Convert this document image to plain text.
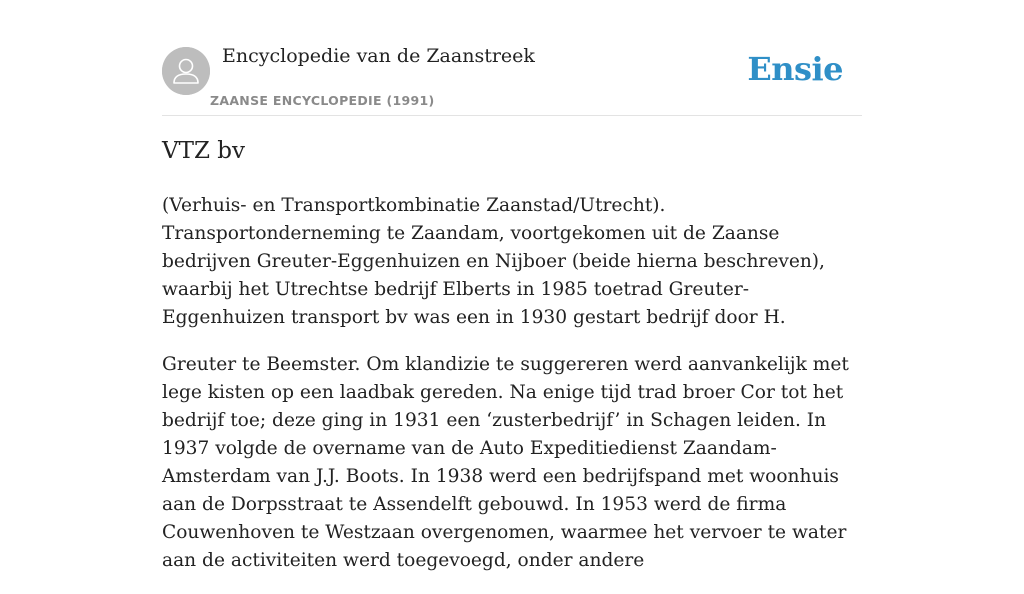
Encyclopedie van de Zaanstreek
ZAANSE ENCYCLOPEDIE (1991)
Ensie
VTZ bv

(Verhuis- en Transportkombinatie Zaanstad/Utrecht). Transportonderneming te Zaandam, voortgekomen uit de Zaanse bedrijven Greuter-Eggenhuizen en Nijboer (beide hierna beschreven), waarbij het Utrechtse bedrijf Elberts in 1985 toetrad Greuter-Eggenhuizen transport bv was een in 1930 gestart bedrijf door H.

Greuter te Beemster. Om klandizie te suggereren werd aanvankelijk met lege kisten op een laadbak gereden. Na enige tijd trad broer Cor tot het bedrijf toe; deze ging in 1931 een ‘zusterbedrijf’ in Schagen leiden. In 1937 volgde de overname van de Auto Expeditiedienst Zaandam-Amsterdam van J.J. Boots. In 1938 werd een bedrijfspand met woonhuis aan de Dorpsstraat te Assendelft gebouwd. In 1953 werd de firma Couwenhoven te Westzaan overgenomen, waarmee het vervoer te water aan de activiteiten werd toegevoegd, onder andere
